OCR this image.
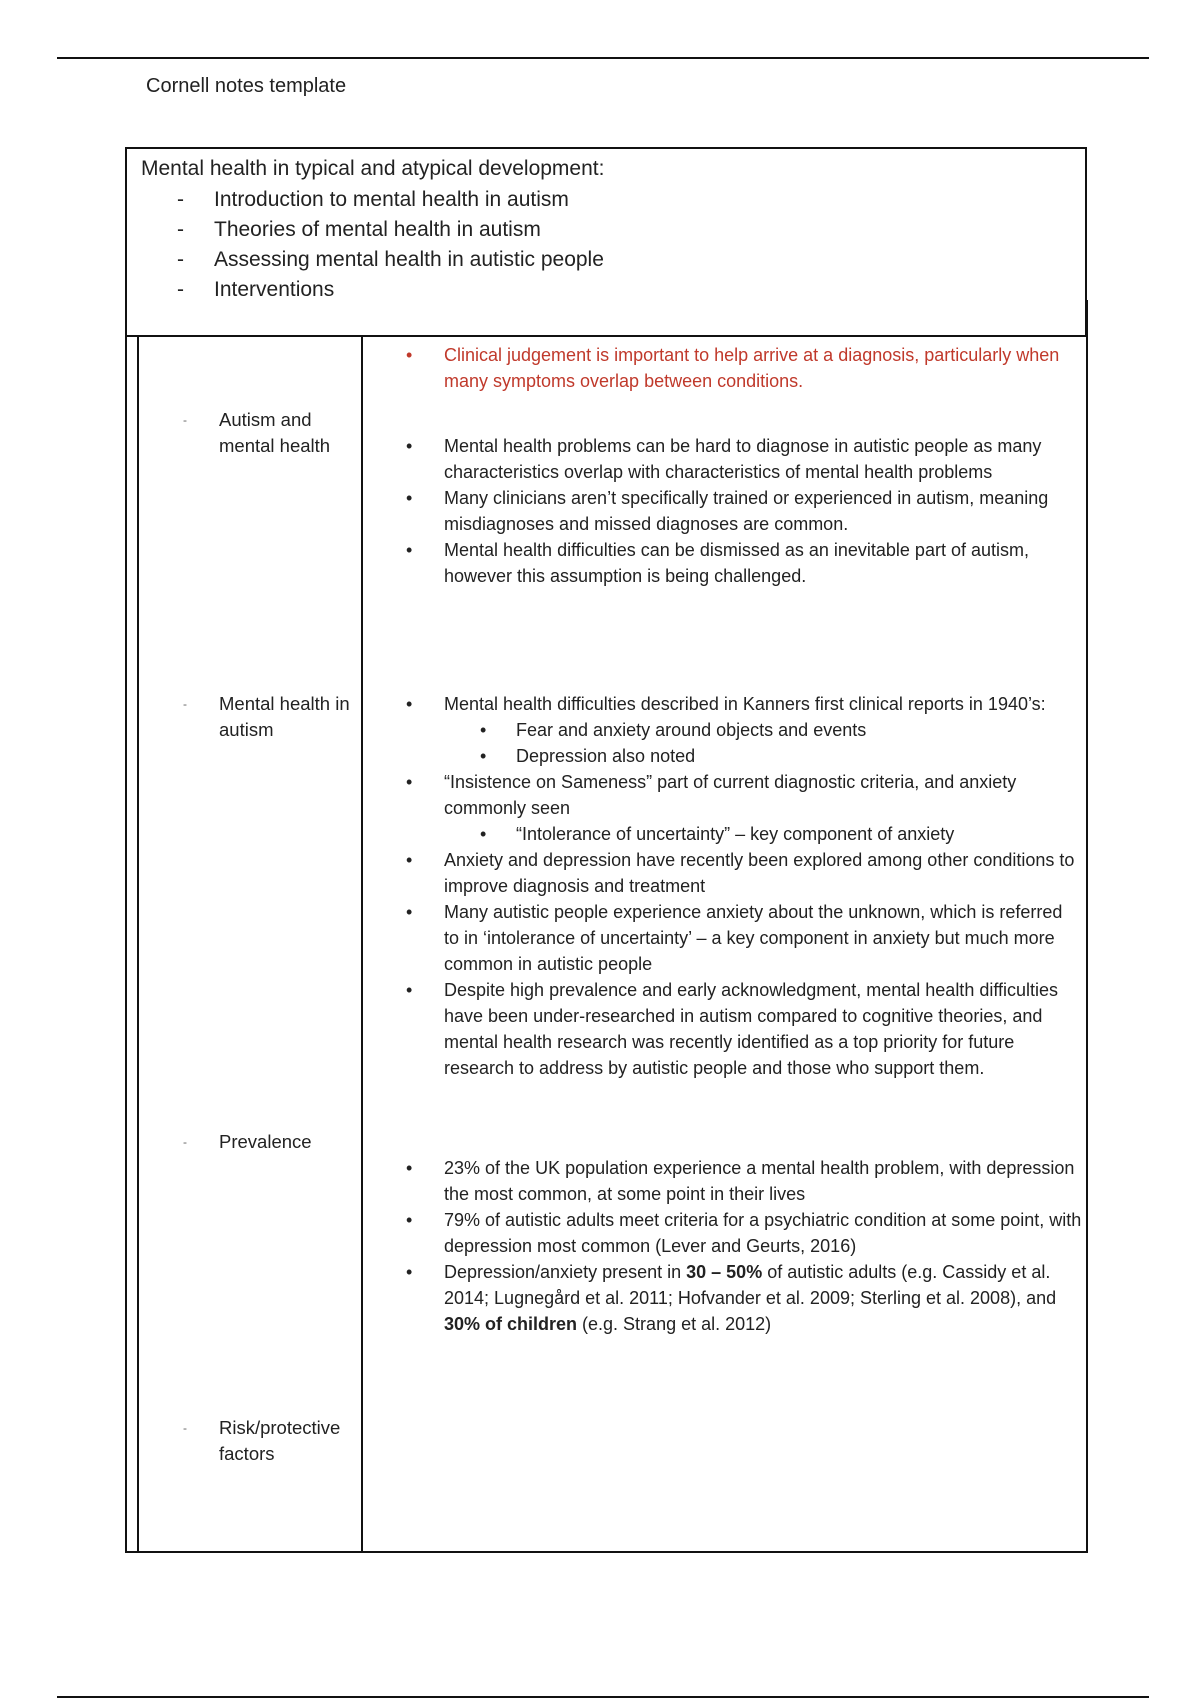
Cornell notes template
Mental health in typical and atypical development:
- Introduction to mental health in autism
- Theories of mental health in autism
- Assessing mental health in autistic people
- Interventions
• Clinical judgement is important to help arrive at a diagnosis, particularly when many symptoms overlap between conditions.
- Autism and mental health	• Mental health problems can be hard to diagnose in autistic people as many characteristics overlap with characteristics of mental health problems
• Many clinicians aren’t specifically trained or experienced in autism, meaning misdiagnoses and missed diagnoses are common.
• Mental health difficulties can be dismissed as an inevitable part of autism, however this assumption is being challenged.
- Mental health in autism
• Mental health difficulties described in Kanners first clinical reports in 1940’s:
• Fear and anxiety around objects and events
• Depression also noted
• “Insistence on Sameness” part of current diagnostic criteria, and anxiety commonly seen
• “Intolerance of uncertainty” – key component of anxiety
• Anxiety and depression have recently been explored among other conditions to improve diagnosis and treatment
• Many autistic people experience anxiety about the unknown, which is referred to in ‘intolerance of uncertainty’ – a key component in anxiety but much more common in autistic people
• Despite high prevalence and early acknowledgment, mental health difficulties have been under-researched in autism compared to cognitive theories, and mental health research was recently identified as a top priority for future research to address by autistic people and those who support them.
- Prevalence
• 23% of the UK population experience a mental health problem, with depression the most common, at some point in their lives
• 79% of autistic adults meet criteria for a psychiatric condition at some point, with depression most common (Lever and Geurts, 2016)
• Depression/anxiety present in 30 – 50% of autistic adults (e.g. Cassidy et al. 2014; Lugnegård et al. 2011; Hofvander et al. 2009; Sterling et al. 2008), and 30% of children (e.g. Strang et al. 2012)
- Risk/protective factors
